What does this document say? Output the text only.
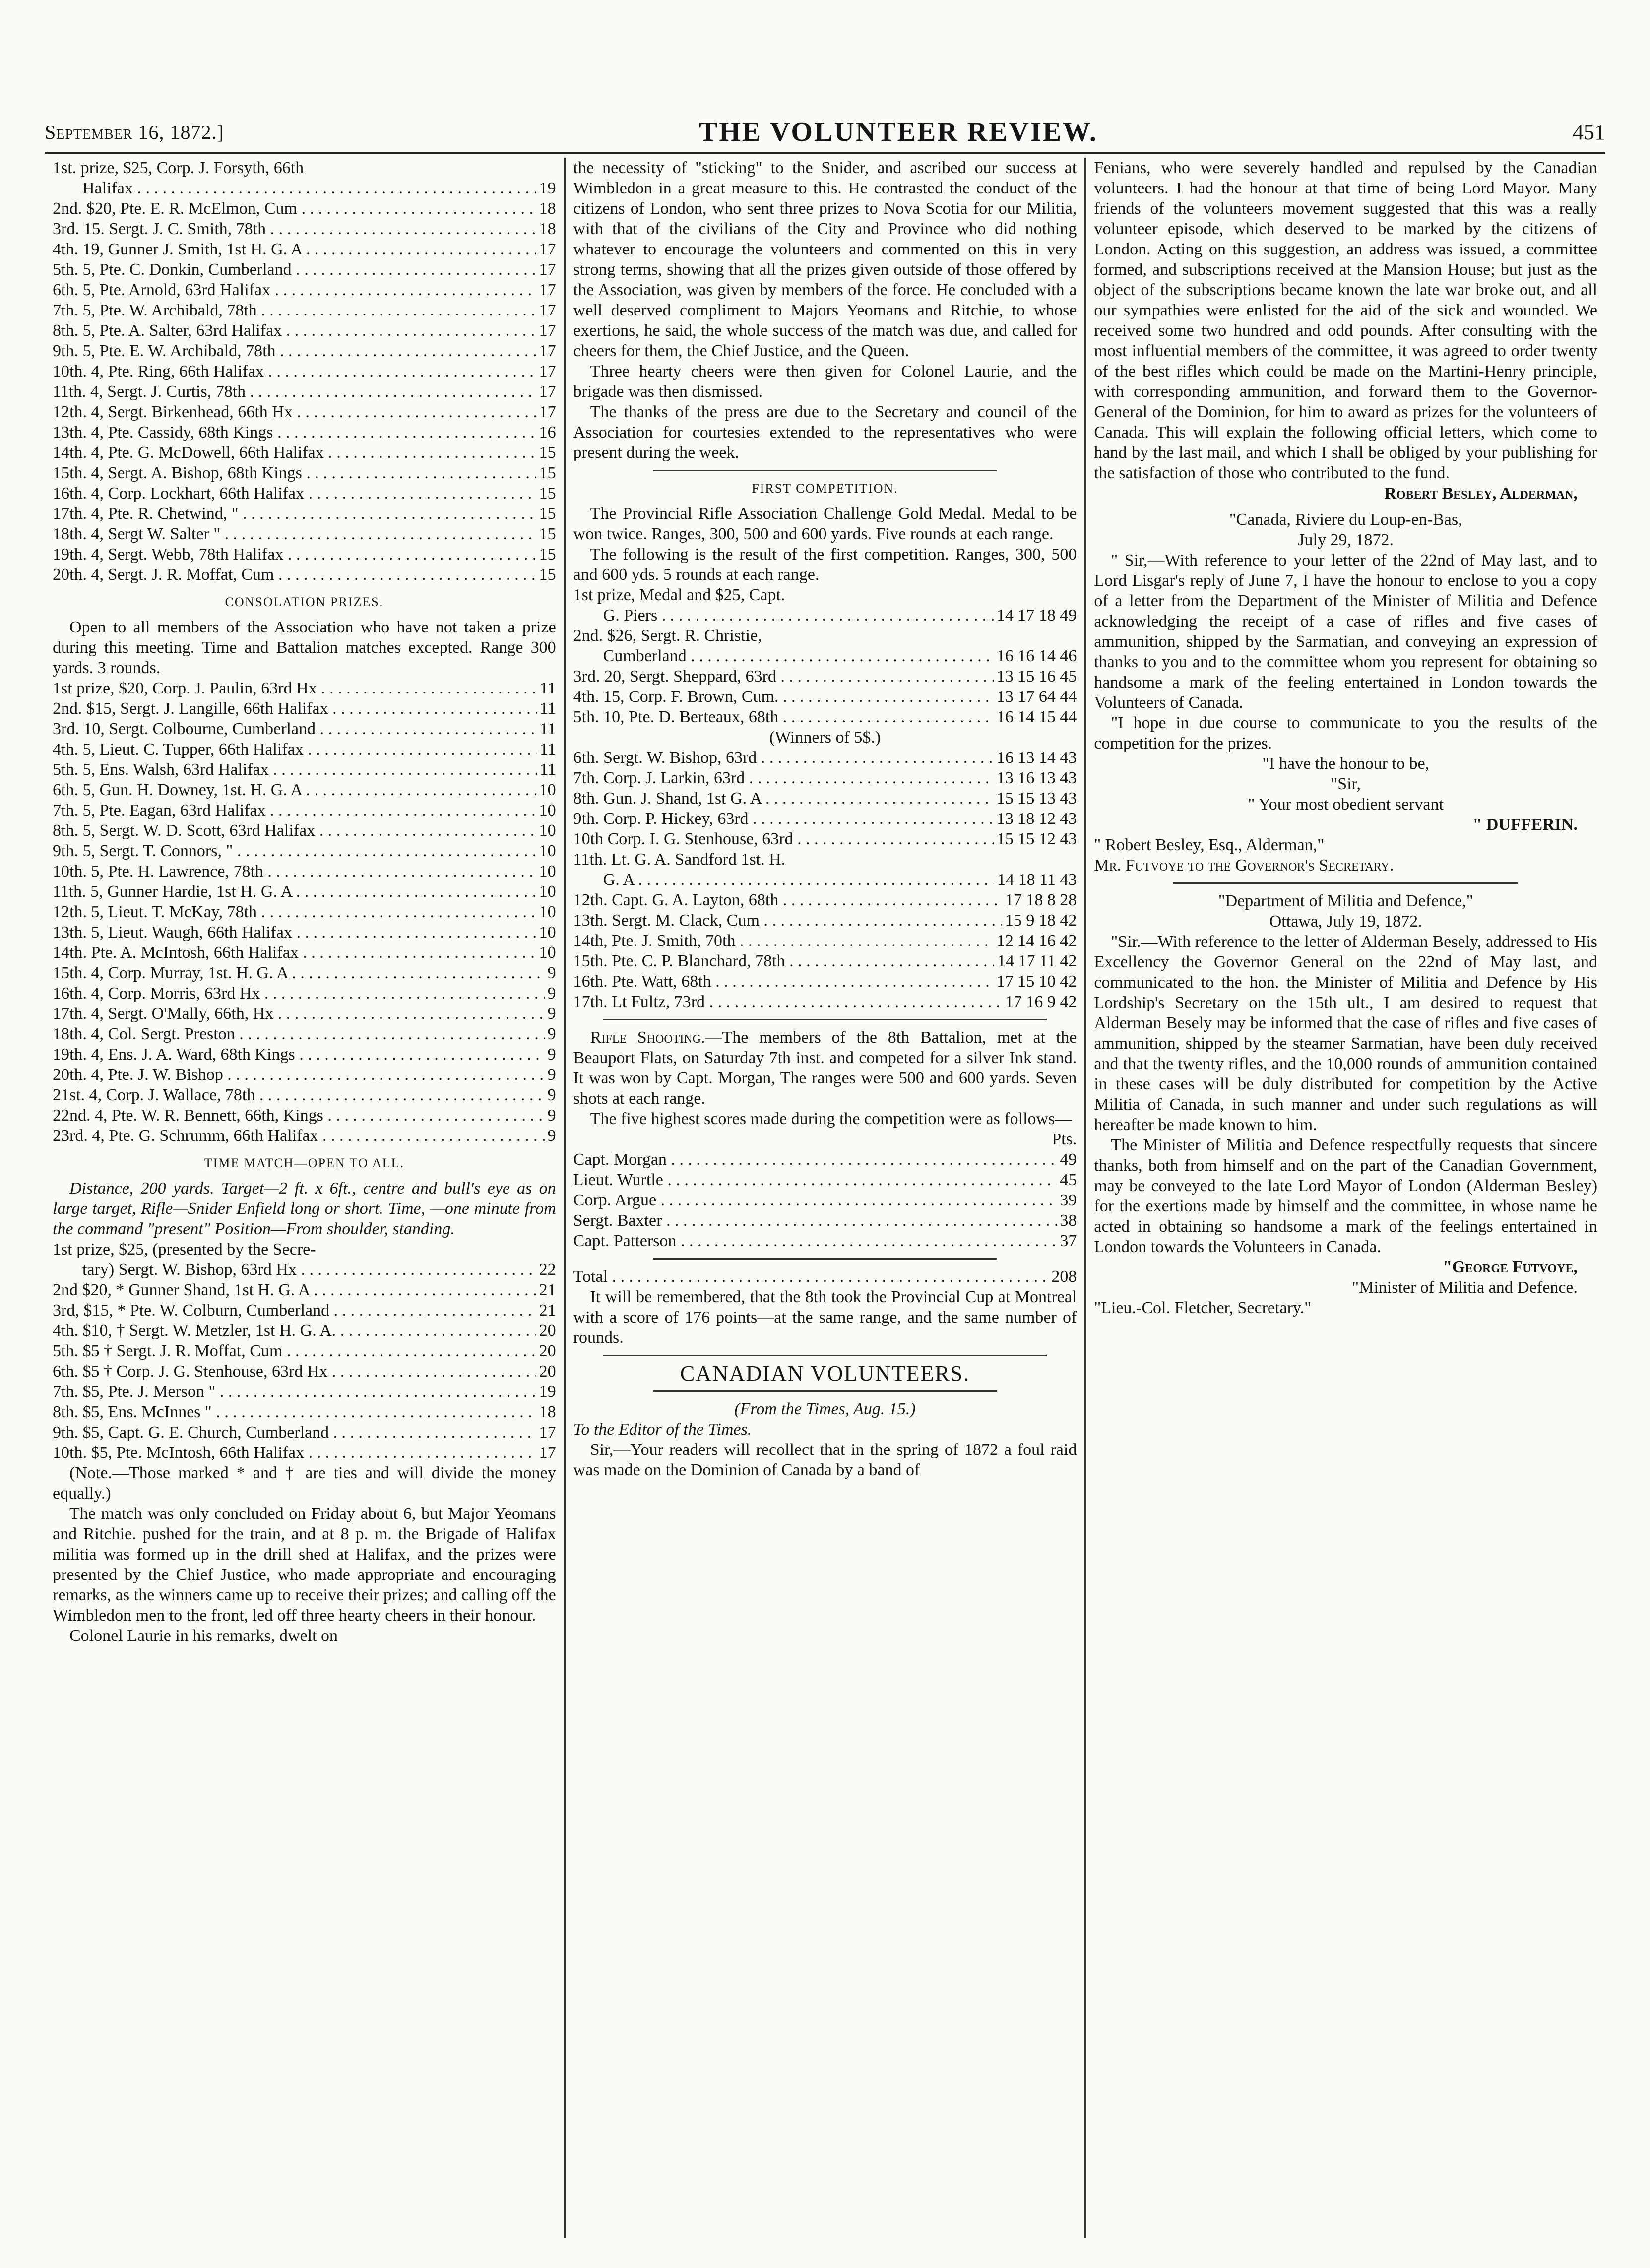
September 16, 1872.]	THE VOLUNTEER REVIEW.	451
1st. prize, $25, Corp. J. Forsyth, 66th
Halifax . . .	19
2nd. $20, Pte. E. R. McElmon, Cum . . .	18
3rd. 15. Sergt. J. C. Smith, 78th . . .	18
4th. 19, Gunner J. Smith, 1st H. G. A . . .	17
5th. 5, Pte. C. Donkin, Cumberland . . .	17
6th. 5, Pte. Arnold, 63rd Halifax . . .	17
7th. 5, Pte. W. Archibald, 78th . . .	17
8th. 5, Pte. A. Salter, 63rd Halifax . . .	17
9th. 5, Pte. E. W. Archibald, 78th . . .	17
10th. 4, Pte. Ring, 66th Halifax . . .	17
11th. 4, Sergt. J. Curtis, 78th . . .	17
12th. 4, Sergt. Birkenhead, 66th Hx . . .	17
13th. 4, Pte. Cassidy, 68th Kings . . .	16
14th. 4, Pte. G. McDowell, 66th Halifax . . .	15
15th. 4, Sergt. A. Bishop, 68th Kings . . .	15
16th. 4, Corp. Lockhart, 66th Halifax . . .	15
17th. 4, Pte. R. Chetwind, " . . .	15
18th. 4, Sergt W. Salter " . . .	15
19th. 4, Sergt. Webb, 78th Halifax . . .	15
20th. 4, Sergt. J. R. Moffat, Cum . . .	15
CONSOLATION PRIZES.

Open to all members of the Association who have not taken a prize during this meeting. Time and Battalion matches excepted. Range 300 yards. 3 rounds.

1st prize, $20, Corp. J. Paulin, 63rd Hx . . .	11
2nd. $15, Sergt. J. Langille, 66th Halifax . . .	11
3rd. 10, Sergt. Colbourne, Cumberland . . .	11
4th. 5, Lieut. C. Tupper, 66th Halifax . . .	11
5th. 5, Ens. Walsh, 63rd Halifax . . .	11
6th. 5, Gun. H. Downey, 1st. H. G. A . . .	10
7th. 5, Pte. Eagan, 63rd Halifax . . .	10
8th. 5, Sergt. W. D. Scott, 63rd Halifax . . .	10
9th. 5, Sergt. T. Connors, " . . .	10
10th. 5, Pte. H. Lawrence, 78th . . .	10
11th. 5, Gunner Hardie, 1st H. G. A . . .	10
12th. 5, Lieut. T. McKay, 78th . . .	10
13th. 5, Lieut. Waugh, 66th Halifax . . .	10
14th. Pte. A. McIntosh, 66th Halifax . . .	10
15th. 4, Corp. Murray, 1st. H. G. A . . .	9
16th. 4, Corp. Morris, 63rd Hx . . .	9
17th. 4, Sergt. O'Mally, 66th, Hx . . .	9
18th. 4, Col. Sergt. Preston . . .	9
19th. 4, Ens. J. A. Ward, 68th Kings . . .	9
20th. 4, Pte. J. W. Bishop . . .	9
21st. 4, Corp. J. Wallace, 78th . . .	9
22nd. 4, Pte. W. R. Bennett, 66th, Kings . . .	9
23rd. 4, Pte. G. Schrumm, 66th Halifax . . .	9
TIME MATCH—OPEN TO ALL.

Distance, 200 yards. Target—2 ft. x 6ft., centre and bull's eye as on large target, Rifle—Snider Enfield long or short. Time, —one minute from the command "present" Position—From shoulder, standing.

1st prize, $25, (presented by the Secre-
tary) Sergt. W. Bishop, 63rd Hx . . .	22
2nd $20, * Gunner Shand, 1st H. G. A . . .	21
3rd, $15, * Pte. W. Colburn, Cumberland . . .	21
4th. $10, † Sergt. W. Metzler, 1st H. G. A. . . .	20
5th. $5 † Sergt. J. R. Moffat, Cum . . .	20
6th. $5 † Corp. J. G. Stenhouse, 63rd Hx . . .	20
7th. $5, Pte. J. Merson " . . .	19
8th. $5, Ens. McInnes " . . .	18
9th. $5, Capt. G. E. Church, Cumberland . . .	17
10th. $5, Pte. McIntosh, 66th Halifax . . .	17

(Note.—Those marked * and † are ties and will divide the money equally.)

The match was only concluded on Friday about 6, but Major Yeomans and Ritchie. pushed for the train, and at 8 p. m. the Brigade of Halifax militia was formed up in the drill shed at Halifax, and the prizes were presented by the Chief Justice, who made appropriate and encouraging remarks, as the winners came up to receive their prizes; and calling off the Wimbledon men to the front, led off three hearty cheers in their honour.

Colonel Laurie in his remarks, dwelt on

the necessity of "sticking" to the Snider, and ascribed our success at Wimbledon in a great measure to this. He contrasted the conduct of the citizens of London, who sent three prizes to Nova Scotia for our Militia, with that of the civilians of the City and Province who did nothing whatever to encourage the volunteers and commented on this in very strong terms, showing that all the prizes given outside of those offered by the Association, was given by members of the force. He concluded with a well deserved compliment to Majors Yeomans and Ritchie, to whose exertions, he said, the whole success of the match was due, and called for cheers for them, the Chief Justice, and the Queen.

Three hearty cheers were then given for Colonel Laurie, and the brigade was then dismissed.

The thanks of the press are due to the Secretary and council of the Association for courtesies extended to the representatives who were present during the week.

FIRST COMPETITION.

The Provincial Rifle Association Challenge Gold Medal. Medal to be won twice. Ranges, 300, 500 and 600 yards. Five rounds at each range.

The following is the result of the first competition. Ranges, 300, 500 and 600 yds. 5 rounds at each range.

1st prize, Medal and $25, Capt.
G. Piers . . .	14 17 18 49
2nd. $26, Sergt. R. Christie,
Cumberland . . .	16 16 14 46
3rd. 20, Sergt. Sheppard, 63rd . . .	13 15 16 45
4th. 15, Corp. F. Brown, Cum. . . .	13 17 64 44
5th. 10, Pte. D. Berteaux, 68th . . .	16 14 15 44
(Winners of 5$.)
6th. Sergt. W. Bishop, 63rd . . .	16 13 14 43
7th. Corp. J. Larkin, 63rd . . .	13 16 13 43
8th. Gun. J. Shand, 1st G. A . . .	15 15 13 43
9th. Corp. P. Hickey, 63rd . . .	13 18 12 43
10th Corp. I. G. Stenhouse, 63rd . . .	15 15 12 43
11th. Lt. G. A. Sandford 1st. H.
G. A . . .	14 18 11 43
12th. Capt. G. A. Layton, 68th . . .	17 18 8 28
13th. Sergt. M. Clack, Cum . . .	15 9 18 42
14th, Pte. J. Smith, 70th . . .	12 14 16 42
15th. Pte. C. P. Blanchard, 78th . . .	14 17 11 42
16th. Pte. Watt, 68th . . .	17 15 10 42
17th. Lt Fultz, 73rd . . .	17 16 9 42

Rifle Shooting.—The members of the 8th Battalion, met at the Beauport Flats, on Saturday 7th inst. and competed for a silver Ink stand. It was won by Capt. Morgan, The ranges were 500 and 600 yards. Seven shots at each range.

The five highest scores made during the competition were as follows—

Pts.
Capt. Morgan . . .	49
Lieut. Wurtle . . .	45
Corp. Argue . . .	39
Sergt. Baxter . . .	38
Capt. Patterson . . .	37
Total . . .	208

It will be remembered, that the 8th took the Provincial Cup at Montreal with a score of 176 points—at the same range, and the same number of rounds.

CANADIAN VOLUNTEERS.
(From the Times, Aug. 15.)
To the Editor of the Times.

Sir,—Your readers will recollect that in the spring of 1872 a foul raid was made on the Dominion of Canada by a band of

Fenians, who were severely handled and repulsed by the Canadian volunteers. I had the honour at that time of being Lord Mayor. Many friends of the volunteers movement suggested that this was a really volunteer episode, which deserved to be marked by the citizens of London. Acting on this suggestion, an address was issued, a committee formed, and subscriptions received at the Mansion House; but just as the object of the subscriptions became known the late war broke out, and all our sympathies were enlisted for the aid of the sick and wounded. We received some two hundred and odd pounds. After consulting with the most influential members of the committee, it was agreed to order twenty of the best rifles which could be made on the Martini-Henry principle, with corresponding ammunition, and forward them to the Governor-General of the Dominion, for him to award as prizes for the volunteers of Canada. This will explain the following official letters, which come to hand by the last mail, and which I shall be obliged by your publishing for the satisfaction of those who contributed to the fund.

Robert Besley, Alderman,
"Canada, Riviere du Loup-en-Bas,
July 29, 1872.

" Sir,—With reference to your letter of the 22nd of May last, and to Lord Lisgar's reply of June 7, I have the honour to enclose to you a copy of a letter from the Department of the Minister of Militia and Defence acknowledging the receipt of a case of rifles and five cases of ammunition, shipped by the Sarmatian, and conveying an expression of thanks to you and to the committee whom you represent for obtaining so handsome a mark of the feeling entertained in London towards the Volunteers of Canada.

"I hope in due course to communicate to you the results of the competition for the prizes.

"I have the honour to be,
"Sir,
" Your most obedient servant
" DUFFERIN.
" Robert Besley, Esq., Alderman,"
Mr. Futvoye to the Governor's Secretary.
"Department of Militia and Defence,"
Ottawa, July 19, 1872.

"Sir.—With reference to the letter of Alderman Besely, addressed to His Excellency the Governor General on the 22nd of May last, and communicated to the hon. the Minister of Militia and Defence by His Lordship's Secretary on the 15th ult., I am desired to request that Alderman Besely may be informed that the case of rifles and five cases of ammunition, shipped by the steamer Sarmatian, have been duly received and that the twenty rifles, and the 10,000 rounds of ammunition contained in these cases will be duly distributed for competition by the Active Militia of Canada, in such manner and under such regulations as will hereafter be made known to him.

The Minister of Militia and Defence respectfully requests that sincere thanks, both from himself and on the part of the Canadian Government, may be conveyed to the late Lord Mayor of London (Alderman Besley) for the exertions made by himself and the committee, in whose name he acted in obtaining so handsome a mark of the feelings entertained in London towards the Volunteers in Canada.

"George Futvoye,
"Minister of Militia and Defence.
"Lieu.-Col. Fletcher, Secretary."
